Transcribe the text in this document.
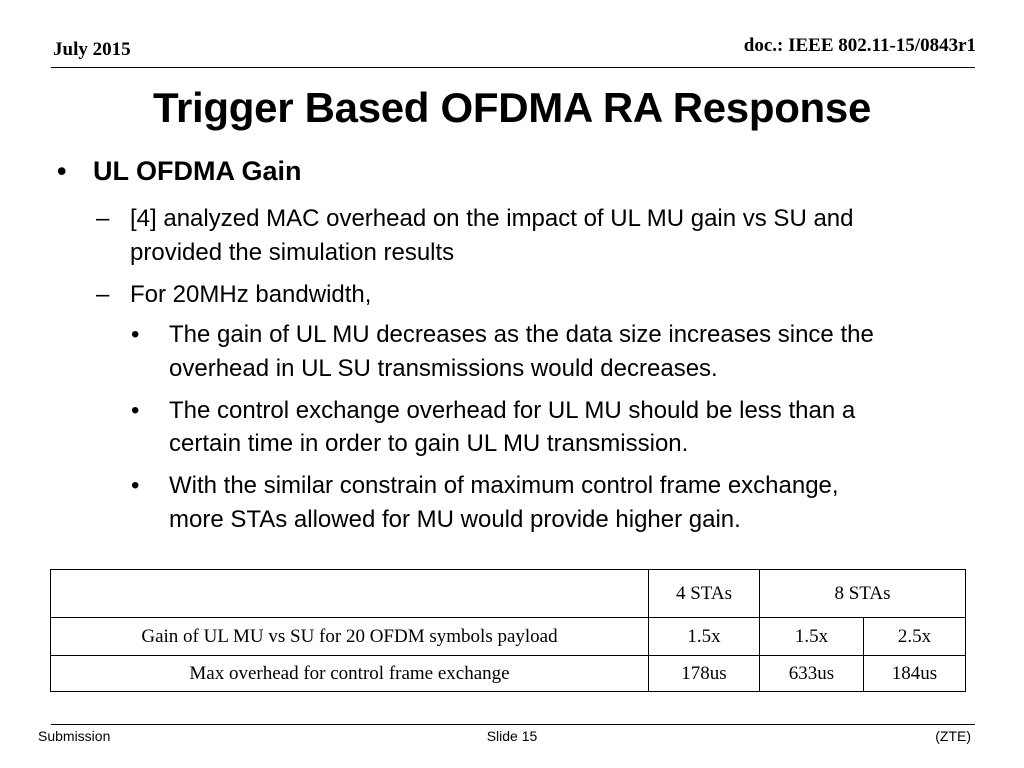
July 2015	doc.: IEEE 802.11-15/0843r1
Trigger Based OFDMA RA Response
• UL OFDMA Gain
– [4] analyzed MAC overhead on the impact of UL MU gain vs SU and
provided the simulation results
– For 20MHz bandwidth,
• The gain of UL MU decreases as the data size increases since the
overhead in UL SU transmissions would decreases.
• The control exchange overhead for UL MU should be less than a
certain time in order to gain UL MU transmission.
• With the similar constrain of maximum control frame exchange,
more STAs allowed for MU would provide higher gain.
	4 STAs	8 STAs	
Gain of UL MU vs SU for 20 OFDM symbols payload	1.5x	1.5x	2.5x
Max overhead for control frame exchange	178us	633us	184us
Submission	Slide 15	(ZTE)
